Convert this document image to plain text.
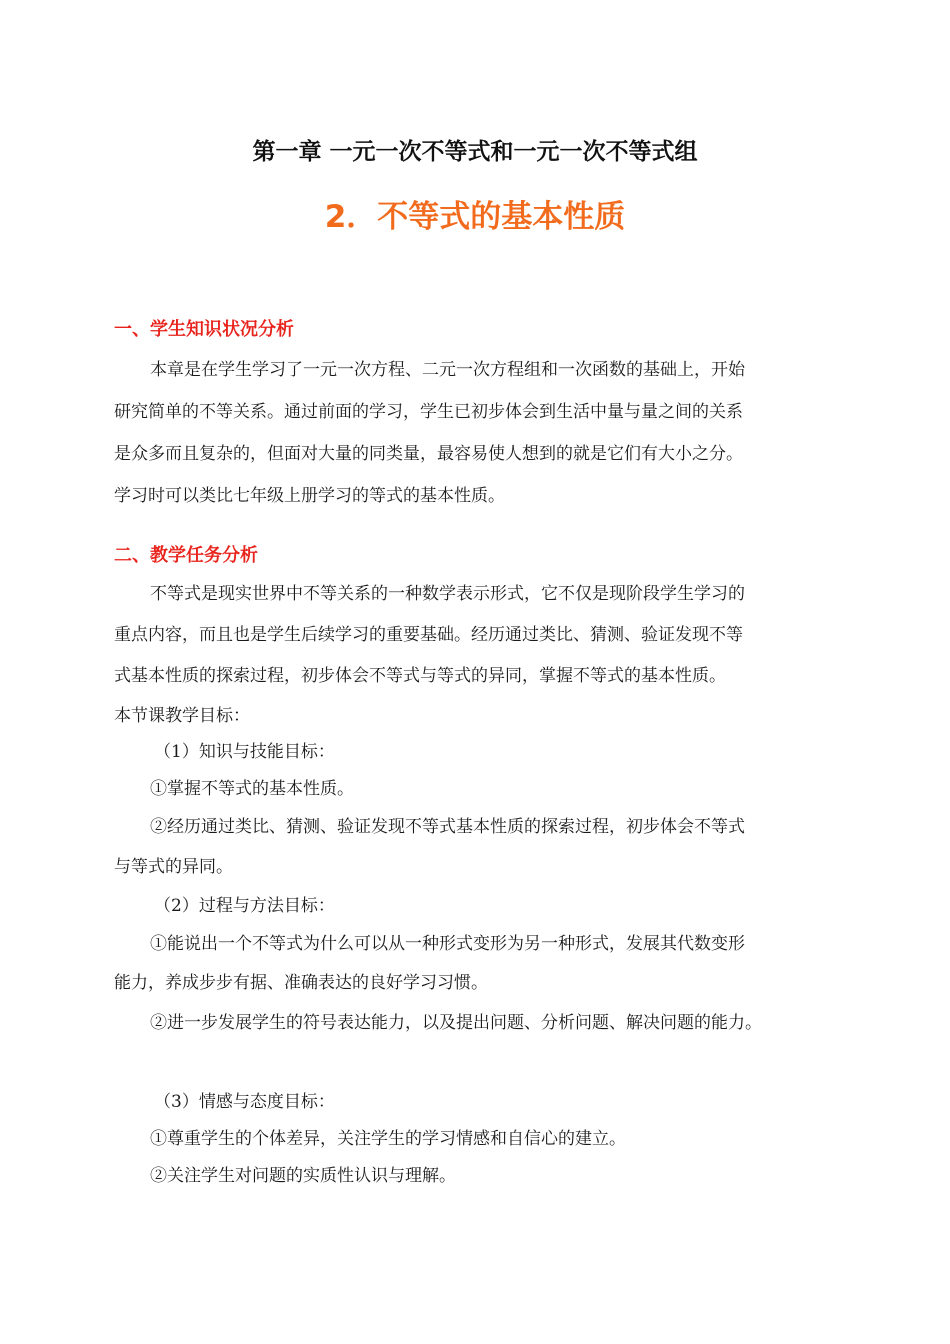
第一章 一元一次不等式和一元一次不等式组
2．不等式的基本性质
一、学生知识状况分析
本章是在学生学习了一元一次方程、二元一次方程组和一次函数的基础上，开始
研究简单的不等关系。通过前面的学习，学生已初步体会到生活中量与量之间的关系
是众多而且复杂的，但面对大量的同类量，最容易使人想到的就是它们有大小之分。
学习时可以类比七年级上册学习的等式的基本性质。
二、教学任务分析
不等式是现实世界中不等关系的一种数学表示形式，它不仅是现阶段学生学习的
重点内容，而且也是学生后续学习的重要基础。经历通过类比、猜测、验证发现不等
式基本性质的探索过程，初步体会不等式与等式的异同，掌握不等式的基本性质。
本节课教学目标：
（1）知识与技能目标：
①掌握不等式的基本性质。
②经历通过类比、猜测、验证发现不等式基本性质的探索过程，初步体会不等式
与等式的异同。
（2）过程与方法目标：
①能说出一个不等式为什么可以从一种形式变形为另一种形式，发展其代数变形
能力，养成步步有据、准确表达的良好学习习惯。
②进一步发展学生的符号表达能力，以及提出问题、分析问题、解决问题的能力。
（3）情感与态度目标：
①尊重学生的个体差异，关注学生的学习情感和自信心的建立。
②关注学生对问题的实质性认识与理解。
